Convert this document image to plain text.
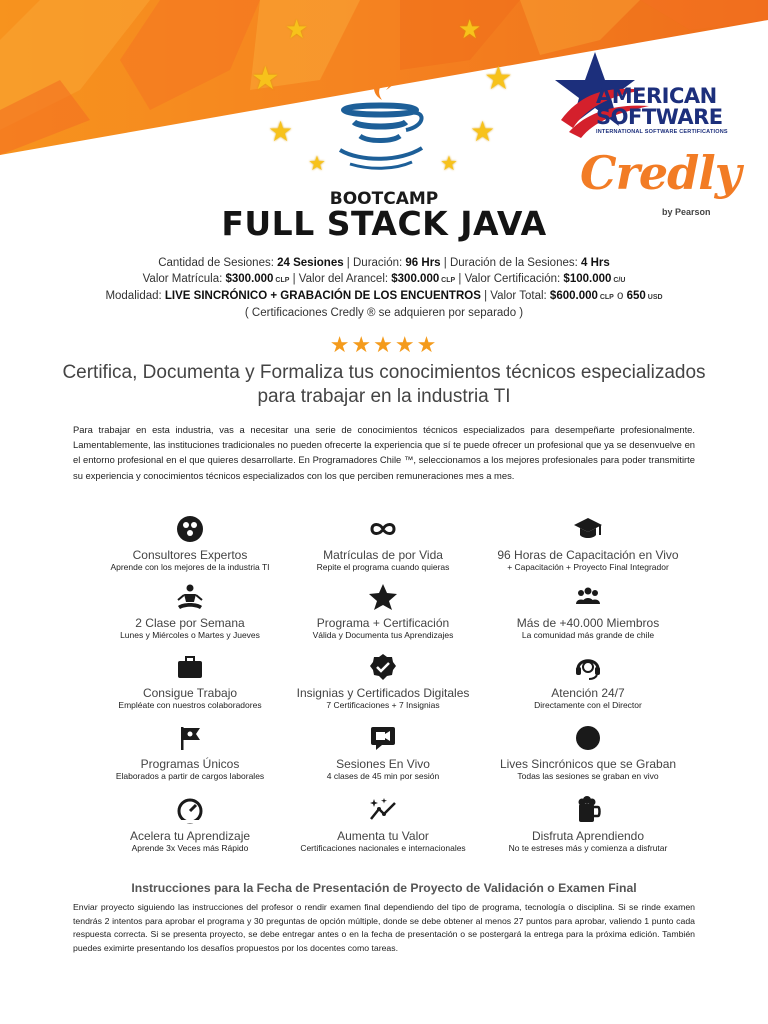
★	★
★	★
★	★
★	★
AMERICAN
SOFTWARE
INTERNATIONAL SOFTWARE CERTIFICATIONS
Credly
by Pearson
BOOTCAMP
FULL STACK JAVA
Cantidad de Sesiones: 24 Sesiones | Duración: 96 Hrs | Duración de la Sesiones: 4 Hrs
Valor Matrícula: $300.000 CLP | Valor del Arancel: $300.000 CLP | Valor Certificación: $100.000 C/U
Modalidad: LIVE SINCRÓNICO + GRABACIÓN DE LOS ENCUENTROS | Valor Total: $600.000 CLP o 650 USD
( Certificaciones Credly ® se adquieren por separado )
★★★★★
Certifica, Documenta y Formaliza tus conocimientos técnicos especializados para trabajar en la industria TI
Para trabajar en esta industria, vas a necesitar una serie de conocimientos técnicos especializados para desempeñarte profesionalmente. Lamentablemente, las instituciones tradicionales no pueden ofrecerte la experiencia que sí te puede ofrecer un profesional que ya se desenvuelve en el entorno profesional en el que quieres desarrollarte. En Programadores Chile ™, seleccionamos a los mejores profesionales para poder transmitirte su experiencia y conocimientos técnicos especializados con los que perciben remuneraciones mes a mes.
Consultores Expertos
Aprende con los mejores de la industria TI
Matrículas de por Vida
Repite el programa cuando quieras
96 Horas de Capacitación en Vivo
+ Capacitación + Proyecto Final Integrador
2 Clase por Semana
Lunes y Miércoles o Martes y Jueves
Programa + Certificación
Válida y Documenta tus Aprendizajes
Más de +40.000 Miembros
La comunidad más grande de chile
Consigue Trabajo
Empléate con nuestros colaboradores
Insignias y Certificados Digitales
7 Certificaciones + 7 Insignias
Atención 24/7
Directamente con el Director
Programas Únicos
Elaborados a partir de cargos laborales
Sesiones En Vivo
4 clases de 45 min por sesión
Lives Sincrónicos que se Graban
Todas las sesiones se graban en vivo
Acelera tu Aprendizaje
Aprende 3x Veces más Rápido
Aumenta tu Valor
Certificaciones nacionales e internacionales
Disfruta Aprendiendo
No te estreses más y comienza a disfrutar
Instrucciones para la Fecha de Presentación de Proyecto de Validación o Examen Final
Enviar proyecto siguiendo las instrucciones del profesor o rendir examen final dependiendo del tipo de programa, tecnología o disciplina. Si se rinde examen tendrás 2 intentos para aprobar el programa y 30 preguntas de opción múltiple, donde se debe obtener al menos 27 puntos para aprobar, valiendo 1 punto cada respuesta correcta. Si se presenta proyecto, se debe entregar antes o en la fecha de presentación o se postergará la entrega para la próxima edición. También puedes eximirte presentando los desafíos propuestos por los docentes como tareas.
